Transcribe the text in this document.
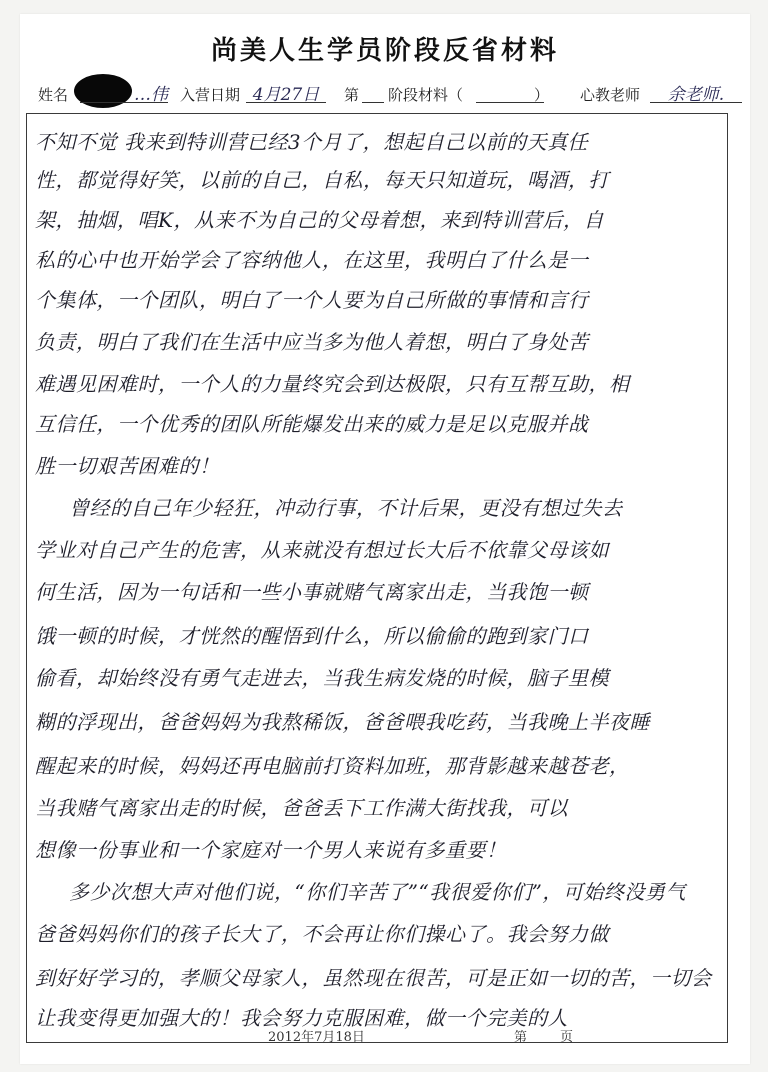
尚美人生学员阶段反省材料
姓名	…伟 入营日期 4月27日	第 阶段材料（	） 心教老师	余老师.
不知不觉 我来到特训营已经3个月了，想起自己以前的天真任
性，都觉得好笑，以前的自己，自私，每天只知道玩，喝酒，打
架，抽烟，唱K，从来不为自己的父母着想，来到特训营后，自
私的心中也开始学会了容纳他人，在这里，我明白了什么是一
个集体，一个团队，明白了一个人要为自己所做的事情和言行
负责，明白了我们在生活中应当多为他人着想，明白了身处苦
难遇见困难时，一个人的力量终究会到达极限，只有互帮互助，相
互信任，一个优秀的团队所能爆发出来的威力是足以克服并战
胜一切艰苦困难的！
曾经的自己年少轻狂，冲动行事，不计后果，更没有想过失去
学业对自己产生的危害，从来就没有想过长大后不依靠父母该如
何生活，因为一句话和一些小事就赌气离家出走，当我饱一顿
饿一顿的时候，才恍然的醒悟到什么，所以偷偷的跑到家门口
偷看，却始终没有勇气走进去，当我生病发烧的时候，脑子里模
糊的浮现出，爸爸妈妈为我熬稀饭，爸爸喂我吃药，当我晚上半夜睡
醒起来的时候，妈妈还再电脑前打资料加班，那背影越来越苍老，
当我赌气离家出走的时候，爸爸丢下工作满大街找我，可以
想像一份事业和一个家庭对一个男人来说有多重要！
多少次想大声对他们说，“你们辛苦了”“我很爱你们”，可始终没勇气
爸爸妈妈你们的孩子长大了，不会再让你们操心了。我会努力做
到好好学习的，孝顺父母家人，虽然现在很苦，可是正如一切的苦，一切会
让我变得更加强大的！我会努力克服困难，做一个完美的人
2012年7月18日	第	页
